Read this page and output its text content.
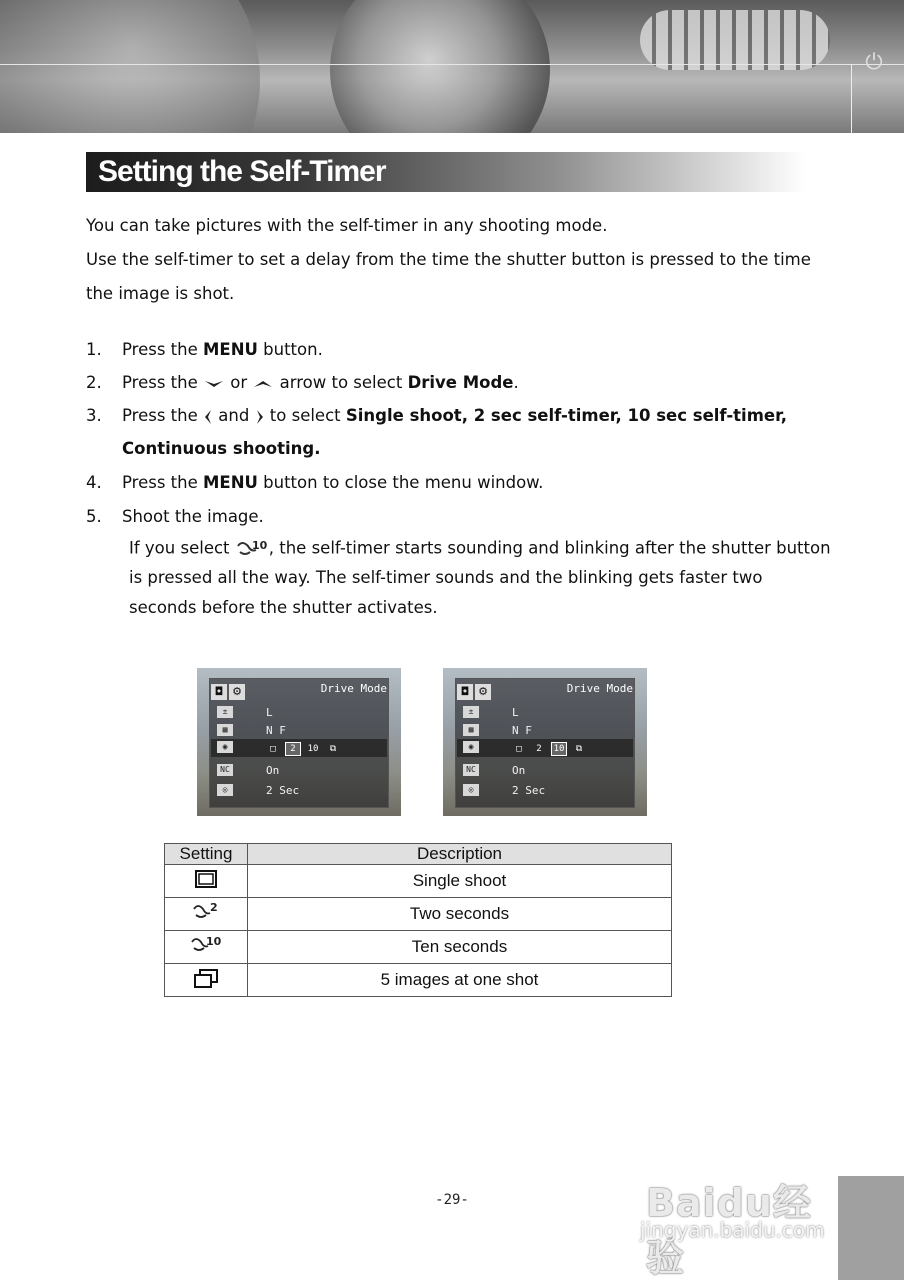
⏻
Setting the Self-Timer
You can take pictures with the self-timer in any shooting mode.
Use the self-timer to set a delay from the time the shutter button is pressed to the time
the image is shot.
1. Press the MENU button.
2. Press the  or  arrow to select Drive Mode.
3. Press the  and  to select Single shoot, 2 sec self-timer, 10 sec self-timer,
Continuous shooting.
4. Press the MENU button to close the menu window.
5. Shoot the image.
If you select 10 , the self-timer starts sounding and blinking after the shutter button
is pressed all the way. The self-timer sounds and the blinking gets faster two
seconds before the shutter activates.
◘ ⚙	Drive Mode
±	L
▦	N F
◉	□ 2 10 ⧉
NC	On
◎	2 Sec
◘ ⚙	Drive Mode
±	L
▦	N F
◉	□ 2 10 ⧉
NC	On
◎	2 Sec
Setting	Description
	Single shoot

2	Two seconds

10	Ten seconds
	5 images at one shot
-29-	Baidu经验
jingyan.baidu.com
